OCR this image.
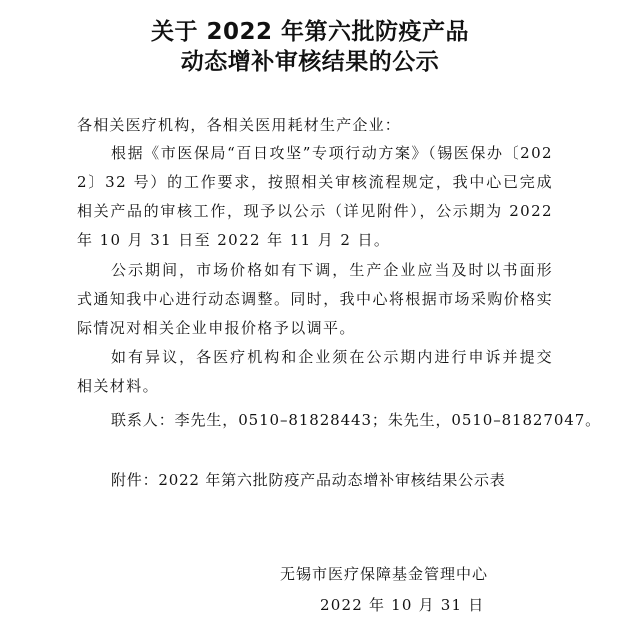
关于 2022 年第六批防疫产品
动态增补审核结果的公示
各相关医疗机构，各相关医用耗材生产企业：
根据《市医保局“百日攻坚”专项行动方案》（锡医保办〔2022〕32 号）的工作要求，按照相关审核流程规定，我中心已完成相关产品的审核工作，现予以公示（详见附件），公示期为 2022 年 10 月 31 日至 2022 年 11 月 2 日。
公示期间，市场价格如有下调，生产企业应当及时以书面形式通知我中心进行动态调整。同时，我中心将根据市场采购价格实际情况对相关企业申报价格予以调平。
如有异议，各医疗机构和企业须在公示期内进行申诉并提交相关材料。
联系人：李先生，0510–81828443；朱先生，0510–81827047。
附件：2022 年第六批防疫产品动态增补审核结果公示表
无锡市医疗保障基金管理中心
2022 年 10 月 31 日
